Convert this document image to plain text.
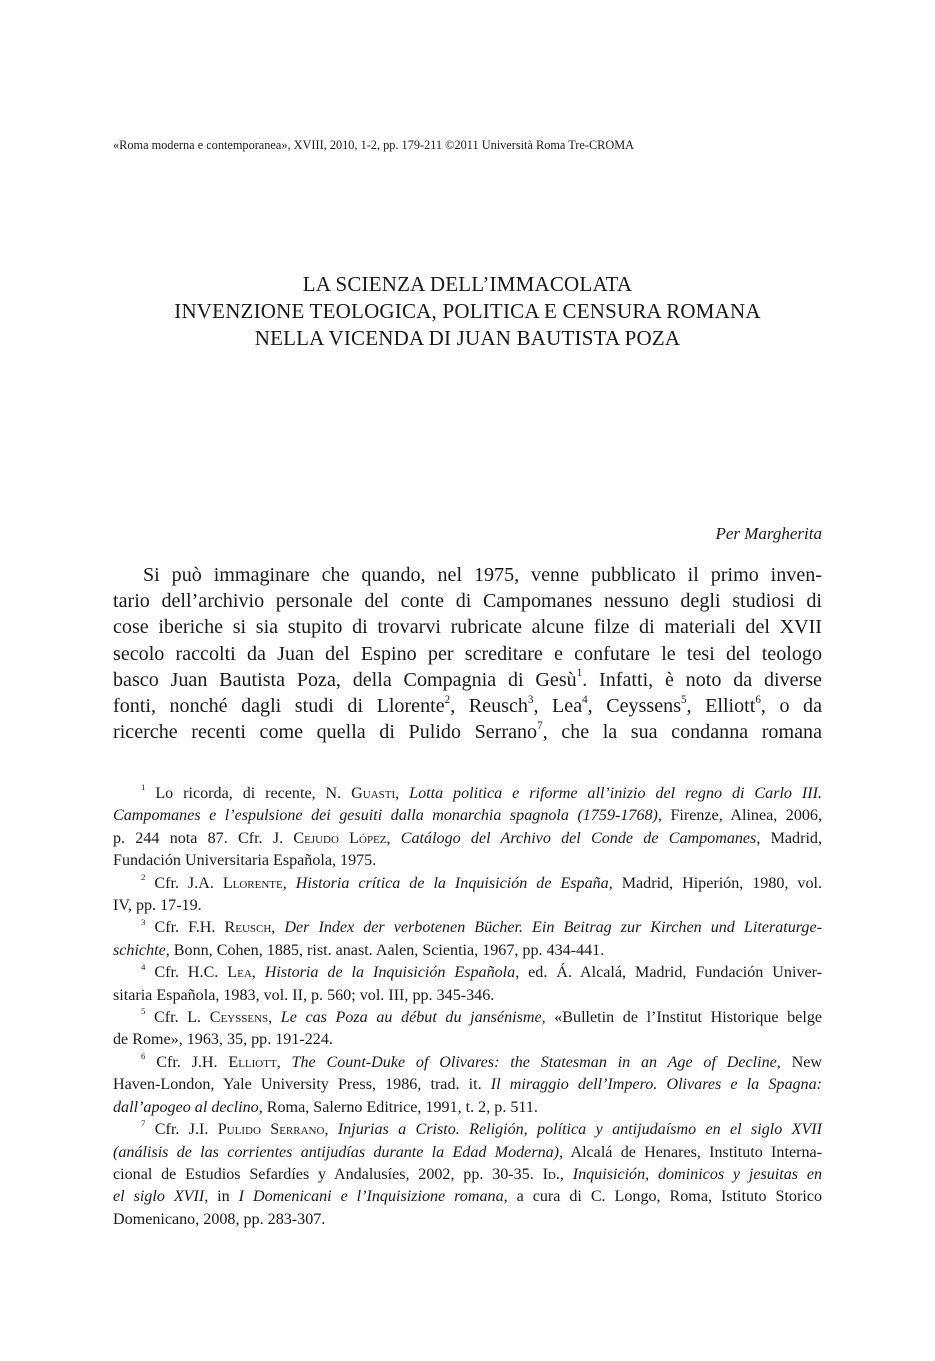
«Roma moderna e contemporanea», XVIII, 2010, 1-2, pp. 179-211 ©2011 Università Roma Tre-CROMA
LA SCIENZA DELL’IMMACOLATA
INVENZIONE TEOLOGICA, POLITICA E CENSURA ROMANA
NELLA VICENDA DI JUAN BAUTISTA POZA
Per Margherita
Si può immaginare che quando, nel 1975, venne pubblicato il primo inven-
tario dell’archivio personale del conte di Campomanes nessuno degli studiosi di
cose iberiche si sia stupito di trovarvi rubricate alcune filze di materiali del XVII
secolo raccolti da Juan del Espino per screditare e confutare le tesi del teologo
basco Juan Bautista Poza, della Compagnia di Gesù$^1$. Infatti, è noto da diverse
fonti, nonché dagli studi di Llorente$^2$, Reusch$^3$, Lea$^4$, Ceyssens$^5$, Elliott$^6$, o da
ricerche recenti come quella di Pulido Serrano$^7$, che la sua condanna romana
$^1$ Lo ricorda, di recente, N. Guasti, Lotta politica e riforme all’inizio del regno di Carlo III.
Campomanes e l’espulsione dei gesuiti dalla monarchia spagnola (1759-1768), Firenze, Alinea, 2006,
p. 244 nota 87. Cfr. J. Cejudo López, Catálogo del Archivo del Conde de Campomanes, Madrid,
Fundación Universitaria Española, 1975.
$^2$ Cfr. J.A. Llorente, Historia crítica de la Inquisición de España, Madrid, Hiperión, 1980, vol.
IV, pp. 17-19.
$^3$ Cfr. F.H. Reusch, Der Index der verbotenen Bücher. Ein Beitrag zur Kirchen und Literaturge-
schichte, Bonn, Cohen, 1885, rist. anast. Aalen, Scientia, 1967, pp. 434-441.
$^4$ Cfr. H.C. Lea, Historia de la Inquisición Española, ed. Á. Alcalá, Madrid, Fundación Univer-
sitaria Española, 1983, vol. II, p. 560; vol. III, pp. 345-346.
$^5$ Cfr. L. Ceyssens, Le cas Poza au début du jansénisme, «Bulletin de l’Institut Historique belge
de Rome», 1963, 35, pp. 191-224.
$^6$ Cfr. J.H. Elliott, The Count-Duke of Olivares: the Statesman in an Age of Decline, New
Haven-London, Yale University Press, 1986, trad. it. Il miraggio dell’Impero. Olivares e la Spagna:
dall’apogeo al declino, Roma, Salerno Editrice, 1991, t. 2, p. 511.
$^7$ Cfr. J.I. Pulido Serrano, Injurias a Cristo. Religión, política y antijudaísmo en el siglo XVII
(análisis de las corrientes antijudías durante la Edad Moderna), Alcalá de Henares, Instituto Interna-
cional de Estudios Sefardíes y Andalusíes, 2002, pp. 30-35. Id., Inquisición, dominicos y jesuitas en
el siglo XVII, in I Domenicani e l’Inquisizione romana, a cura di C. Longo, Roma, Istituto Storico
Domenicano, 2008, pp. 283-307.
